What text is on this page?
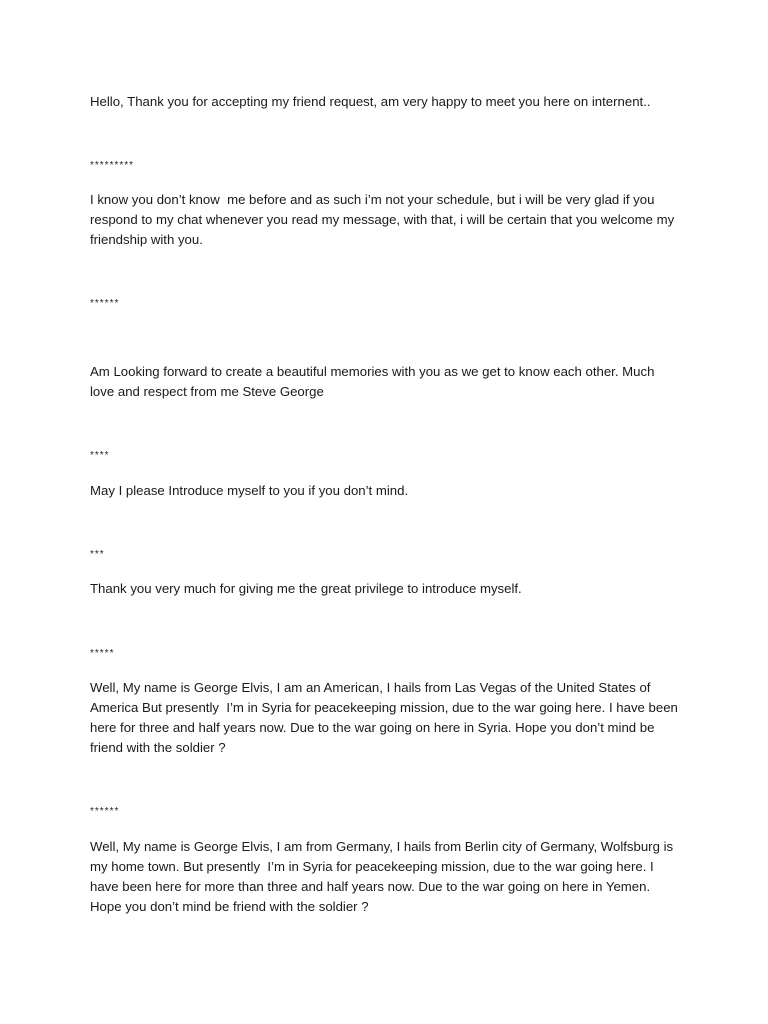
Hello, Thank you for accepting my friend request, am very happy to meet you here on internent..

*********

I know you don’t know  me before and as such i’m not your schedule, but i will be very glad if you respond to my chat whenever you read my message, with that, i will be certain that you welcome my friendship with you.

******

Am Looking forward to create a beautiful memories with you as we get to know each other. Much love and respect from me Steve George

****

May I please Introduce myself to you if you don’t mind.

***

Thank you very much for giving me the great privilege to introduce myself.

*****

Well, My name is George Elvis, I am an American, I hails from Las Vegas of the United States of America But presently  I’m in Syria for peacekeeping mission, due to the war going here. I have been here for three and half years now. Due to the war going on here in Syria. Hope you don’t mind be friend with the soldier ?

******

Well, My name is George Elvis, I am from Germany, I hails from Berlin city of Germany, Wolfsburg is my home town. But presently  I’m in Syria for peacekeeping mission, due to the war going here. I have been here for more than three and half years now. Due to the war going on here in Yemen. Hope you don’t mind be friend with the soldier ?
